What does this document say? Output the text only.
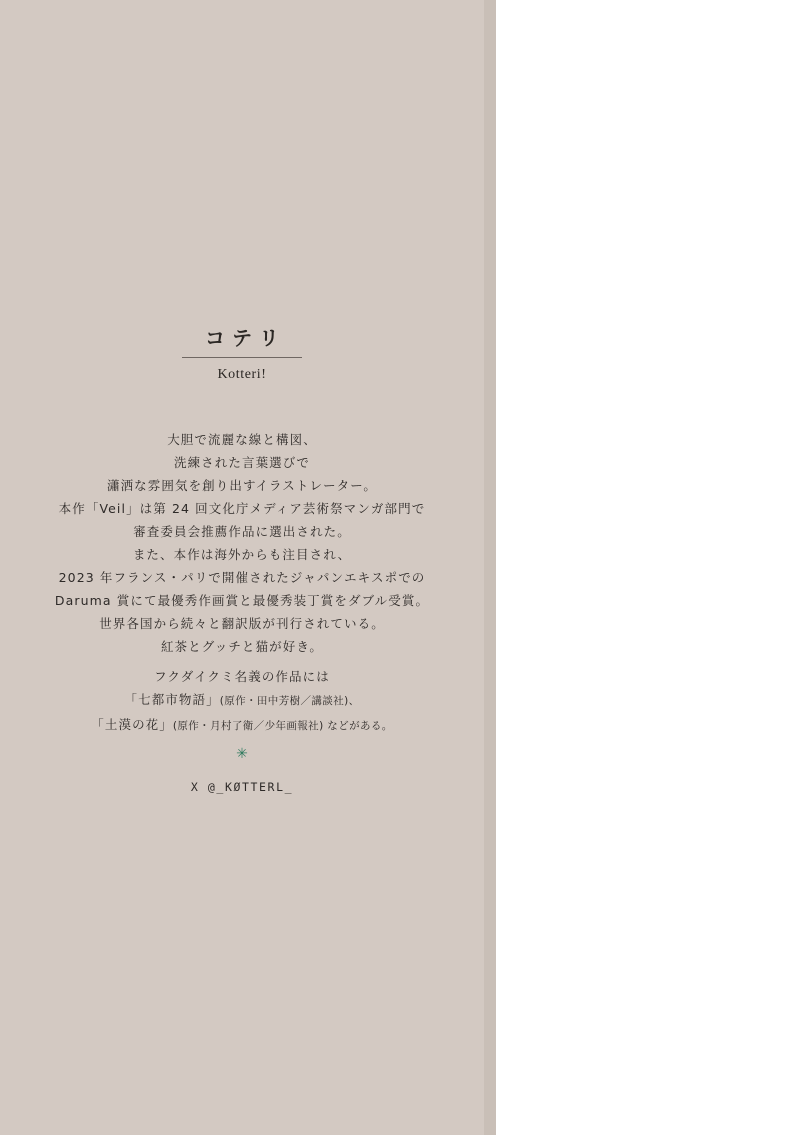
コテリ
Kotteri!
大胆で流麗な線と構図、
洗練された言葉選びで
瀟洒な雰囲気を創り出すイラストレーター。
本作「Veil」は第 24 回文化庁メディア芸術祭マンガ部門で
審査委員会推薦作品に選出された。
また、本作は海外からも注目され、
2023 年フランス・パリで開催されたジャパンエキスポでの
Daruma 賞にて最優秀作画賞と最優秀装丁賞をダブル受賞。
世界各国から続々と翻訳版が刊行されている。
紅茶とグッチと猫が好き。
フクダイクミ名義の作品には
「七都市物語」(原作・田中芳樹／講談社)、
「土漠の花」(原作・月村了衛／少年画報社) などがある。
✳
X @_KØTTERL_
